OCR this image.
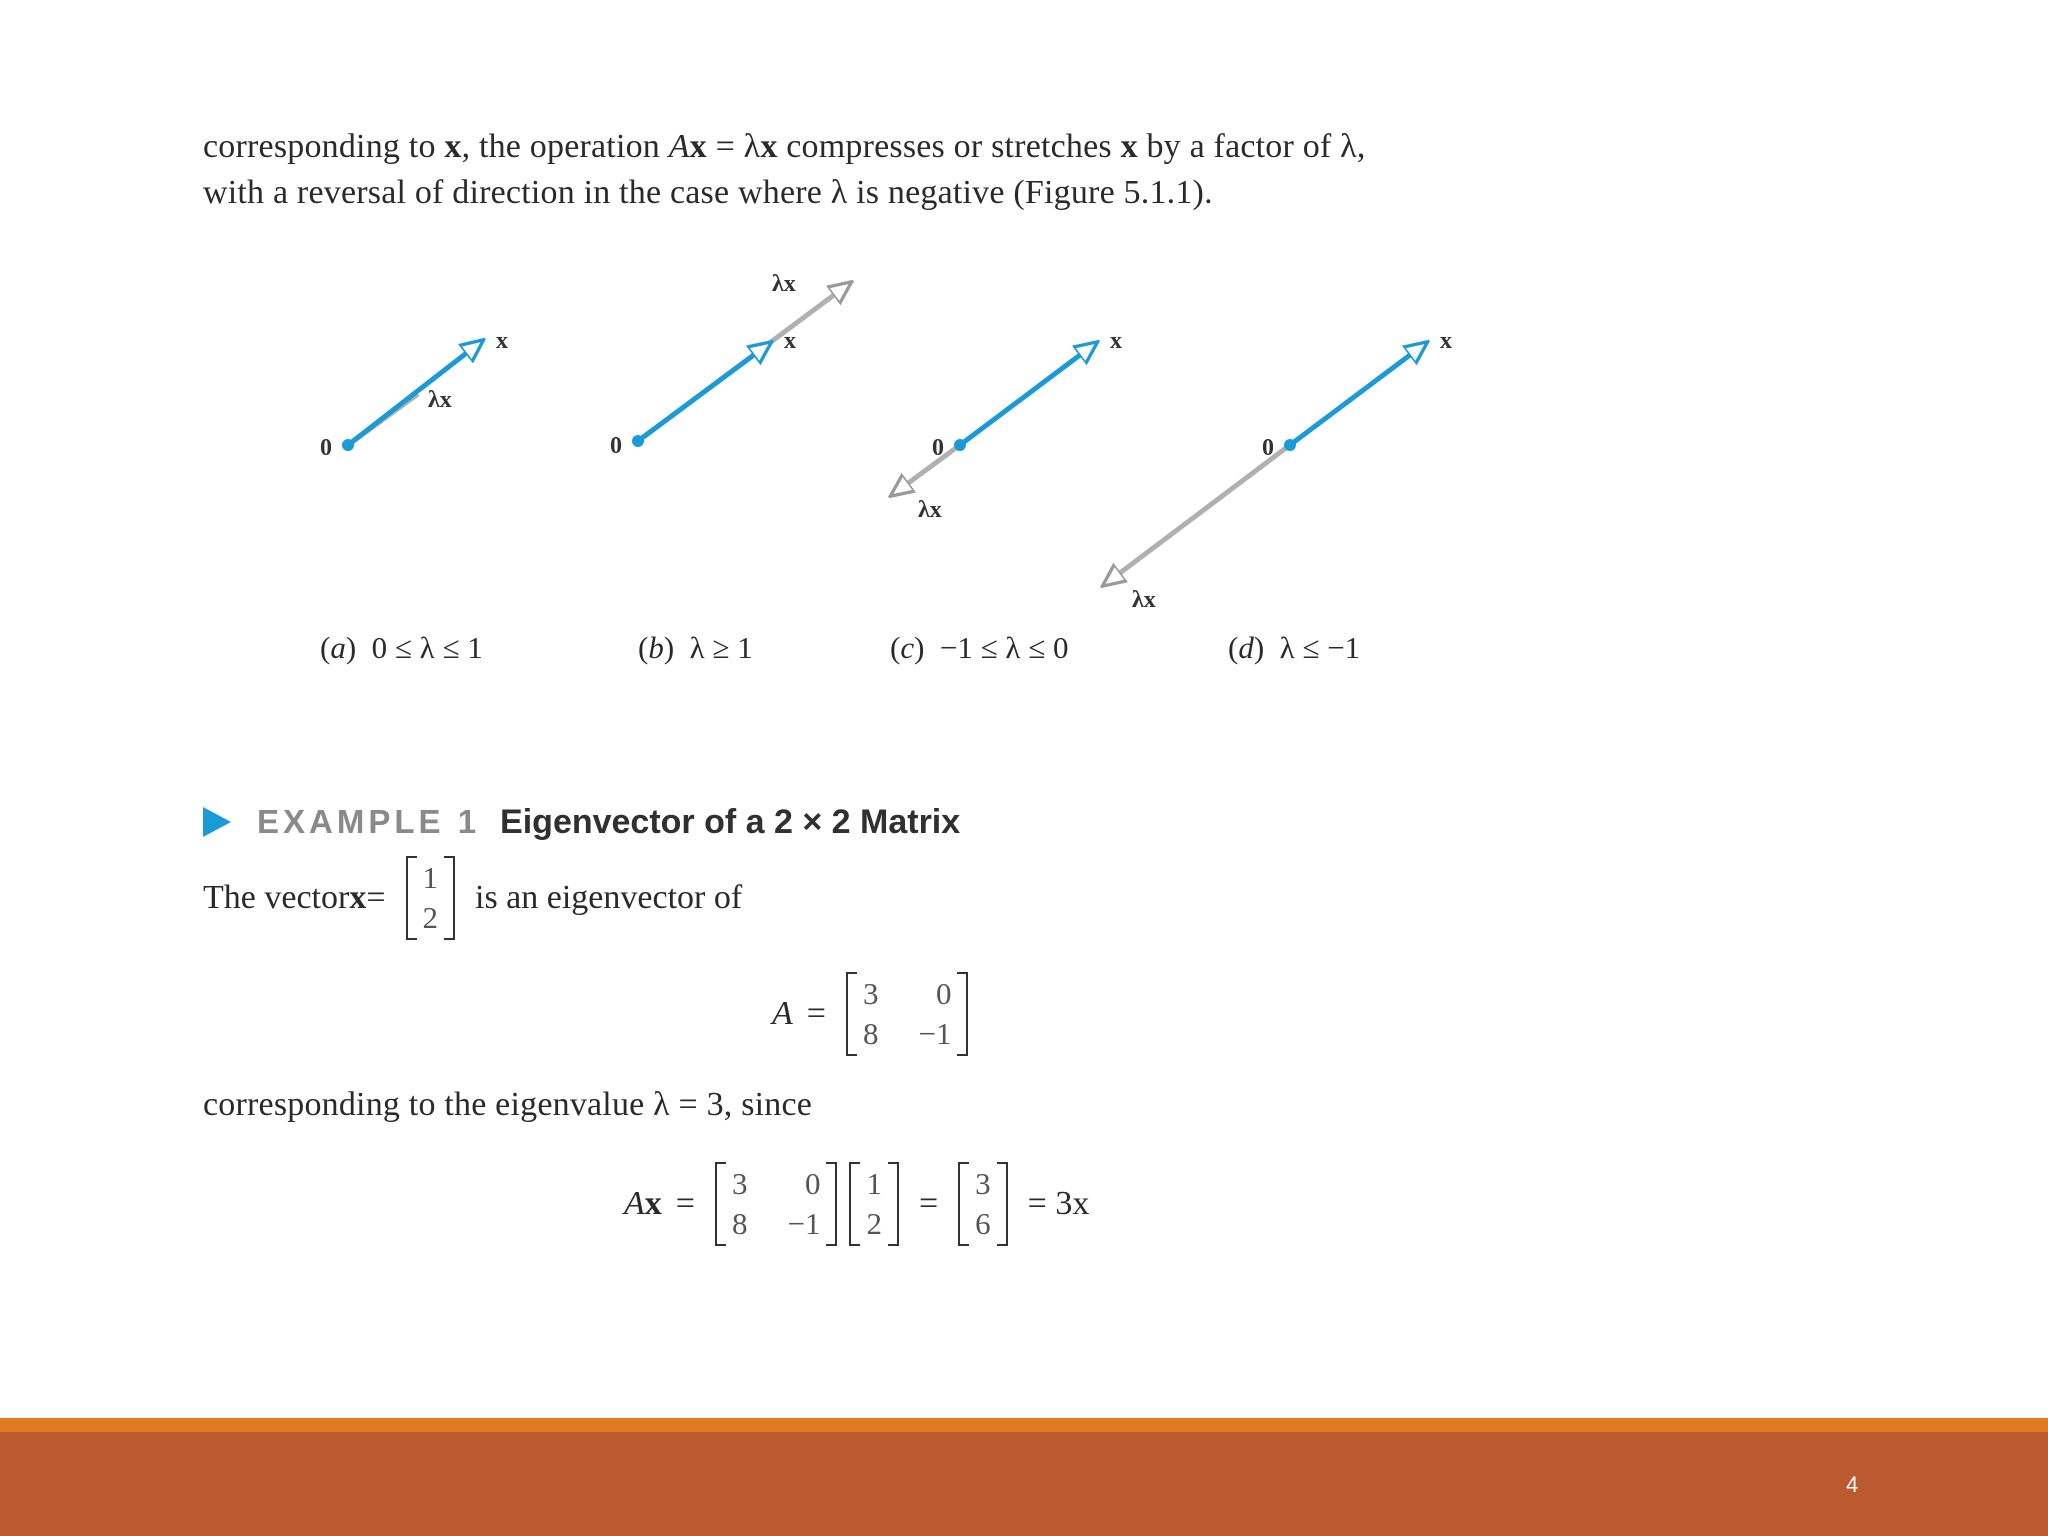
corresponding to x, the operation Ax = λx compresses or stretches x by a factor of λ,
with a reversal of direction in the case where λ is negative (Figure 5.1.1).
0
x
λx
0
x
λx
0
x
λx
0
x
λx
(a)  0 ≤ λ ≤ 1	(b)  λ ≥ 1	(c)  −1 ≤ λ ≤ 0	(d)  λ ≤ −1
EXAMPLE 1 Eigenvector of a 2 × 2 Matrix
The vector x =
1
2
is an eigenvector of
A =
3	0
8 −1
corresponding to the eigenvalue λ = 3, since
A x =
3	0
8 −1
1
2
=
3
6
= 3x
4
